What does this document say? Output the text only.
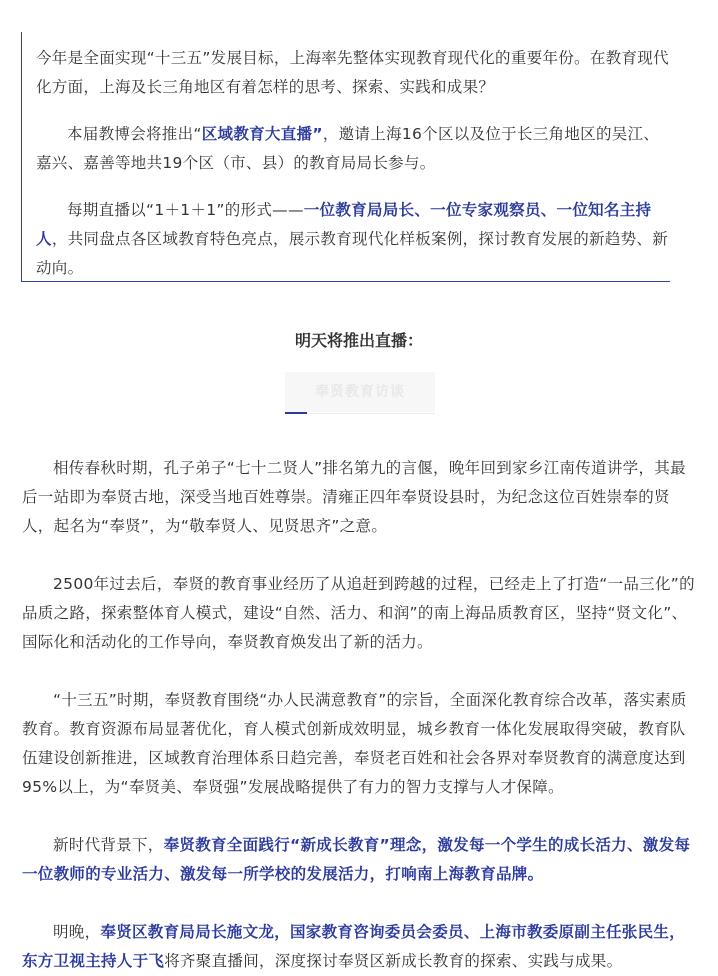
今年是全面实现“十三五”发展目标，上海率先整体实现教育现代化的重要年份。在教育现代化方面，上海及长三角地区有着怎样的思考、探索、实践和成果？

本届教博会将推出“区域教育大直播”，邀请上海16个区以及位于长三角地区的吴江、嘉兴、嘉善等地共19个区（市、县）的教育局局长参与。

每期直播以“1＋1＋1”的形式——一位教育局局长、一位专家观察员、一位知名主持人，共同盘点各区域教育特色亮点，展示教育现代化样板案例，探讨教育发展的新趋势、新动向。

明天将推出直播：
奉贤教育访谈

相传春秋时期，孔子弟子“七十二贤人”排名第九的言偃，晚年回到家乡江南传道讲学，其最后一站即为奉贤古地，深受当地百姓尊崇。清雍正四年奉贤设县时，为纪念这位百姓崇奉的贤人，起名为“奉贤”，为“敬奉贤人、见贤思齐”之意。

2500年过去后，奉贤的教育事业经历了从追赶到跨越的过程，已经走上了打造“一品三化”的品质之路，探索整体育人模式，建设“自然、活力、和润”的南上海品质教育区，坚持“贤文化”、国际化和活动化的工作导向，奉贤教育焕发出了新的活力。

“十三五”时期，奉贤教育围绕“办人民满意教育”的宗旨，全面深化教育综合改革，落实素质教育。教育资源布局显著优化，育人模式创新成效明显，城乡教育一体化发展取得突破，教育队伍建设创新推进，区域教育治理体系日趋完善，奉贤老百姓和社会各界对奉贤教育的满意度达到95%以上，为“奉贤美、奉贤强”发展战略提供了有力的智力支撑与人才保障。

新时代背景下，奉贤教育全面践行“新成长教育”理念，激发每一个学生的成长活力、激发每一位教师的专业活力、激发每一所学校的发展活力，打响南上海教育品牌。

明晚，奉贤区教育局局长施文龙，国家教育咨询委员会委员、上海市教委原副主任张民生，东方卫视主持人于飞将齐聚直播间，深度探讨奉贤区新成长教育的探索、实践与成果。
